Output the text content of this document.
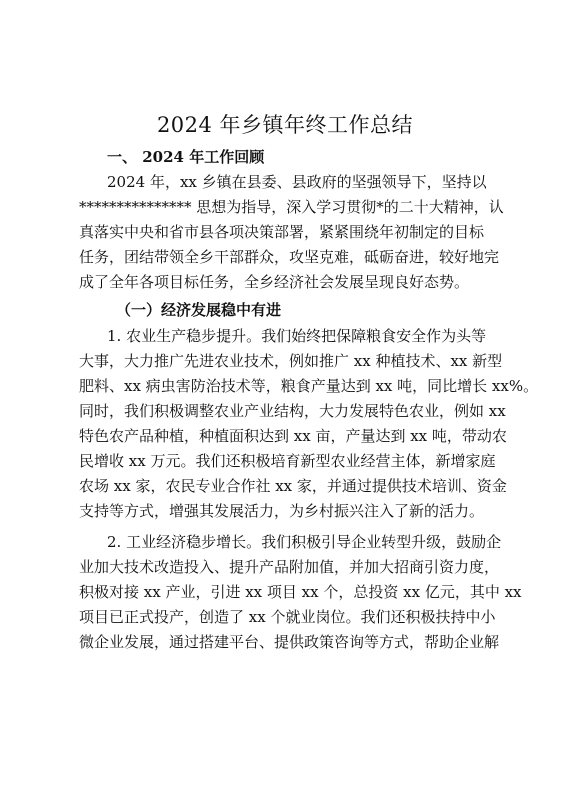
2024 年乡镇年终工作总结
一、 2024 年工作回顾
2024 年，xx 乡镇在县委、县政府的坚强领导下，坚持以
*************** 思想为指导，深入学习贯彻*的二十大精神，认
真落实中央和省市县各项决策部署，紧紧围绕年初制定的目标
任务，团结带领全乡干部群众，攻坚克难，砥砺奋进，较好地完
成了全年各项目标任务，全乡经济社会发展呈现良好态势。
（一）经济发展稳中有进
1. 农业生产稳步提升。我们始终把保障粮食安全作为头等
大事，大力推广先进农业技术，例如推广 xx 种植技术、xx 新型
肥料、xx 病虫害防治技术等，粮食产量达到 xx 吨，同比增长 xx%。
同时，我们积极调整农业产业结构，大力发展特色农业，例如 xx
特色农产品种植，种植面积达到 xx 亩，产量达到 xx 吨，带动农
民增收 xx 万元。我们还积极培育新型农业经营主体，新增家庭
农场 xx 家，农民专业合作社 xx 家，并通过提供技术培训、资金
支持等方式，增强其发展活力，为乡村振兴注入了新的活力。
2. 工业经济稳步增长。我们积极引导企业转型升级，鼓励企
业加大技术改造投入、提升产品附加值，并加大招商引资力度，
积极对接 xx 产业，引进 xx 项目 xx 个，总投资 xx 亿元，其中 xx
项目已正式投产，创造了 xx 个就业岗位。我们还积极扶持中小
微企业发展，通过搭建平台、提供政策咨询等方式，帮助企业解
